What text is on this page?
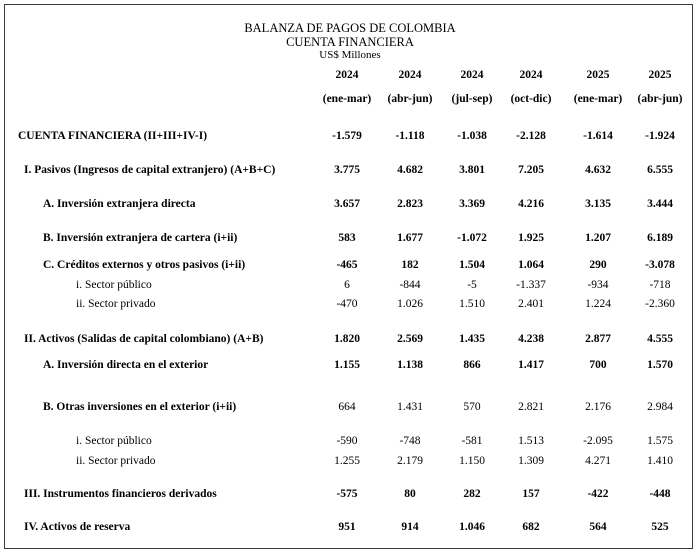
BALANZA DE PAGOS DE COLOMBIA
CUENTA FINANCIERA
US$ Millones
2024	2024	2024	2024	2025	2025
(ene-mar)	(abr-jun)	(jul-sep)	(oct-dic)	(ene-mar)	(abr-jun)
CUENTA FINANCIERA (II+III+IV-I)	-1.579	-1.118	-1.038	-2.128	-1.614	-1.924
I. Pasivos (Ingresos de capital extranjero) (A+B+C)	3.775	4.682	3.801	7.205	4.632	6.555
A. Inversión extranjera directa	3.657	2.823	3.369	4.216	3.135	3.444
B. Inversión extranjera de cartera (i+ii)	583	1.677	-1.072	1.925	1.207	6.189
C. Créditos externos y otros pasivos (i+ii)	-465	182	1.504	1.064	290	-3.078
i. Sector público	6	-844	-5	-1.337	-934	-718
ii. Sector privado	-470	1.026	1.510	2.401	1.224	-2.360
II. Activos (Salidas de capital colombiano) (A+B)	1.820	2.569	1.435	4.238	2.877	4.555
A. Inversión directa en el exterior	1.155	1.138	866	1.417	700	1.570
B. Otras inversiones en el exterior (i+ii)	664	1.431	570	2.821	2.176	2.984
i. Sector público	-590	-748	-581	1.513	-2.095	1.575
ii. Sector privado	1.255	2.179	1.150	1.309	4.271	1.410
III. Instrumentos financieros derivados	-575	80	282	157	-422	-448
IV. Activos de reserva	951	914	1.046	682	564	525
